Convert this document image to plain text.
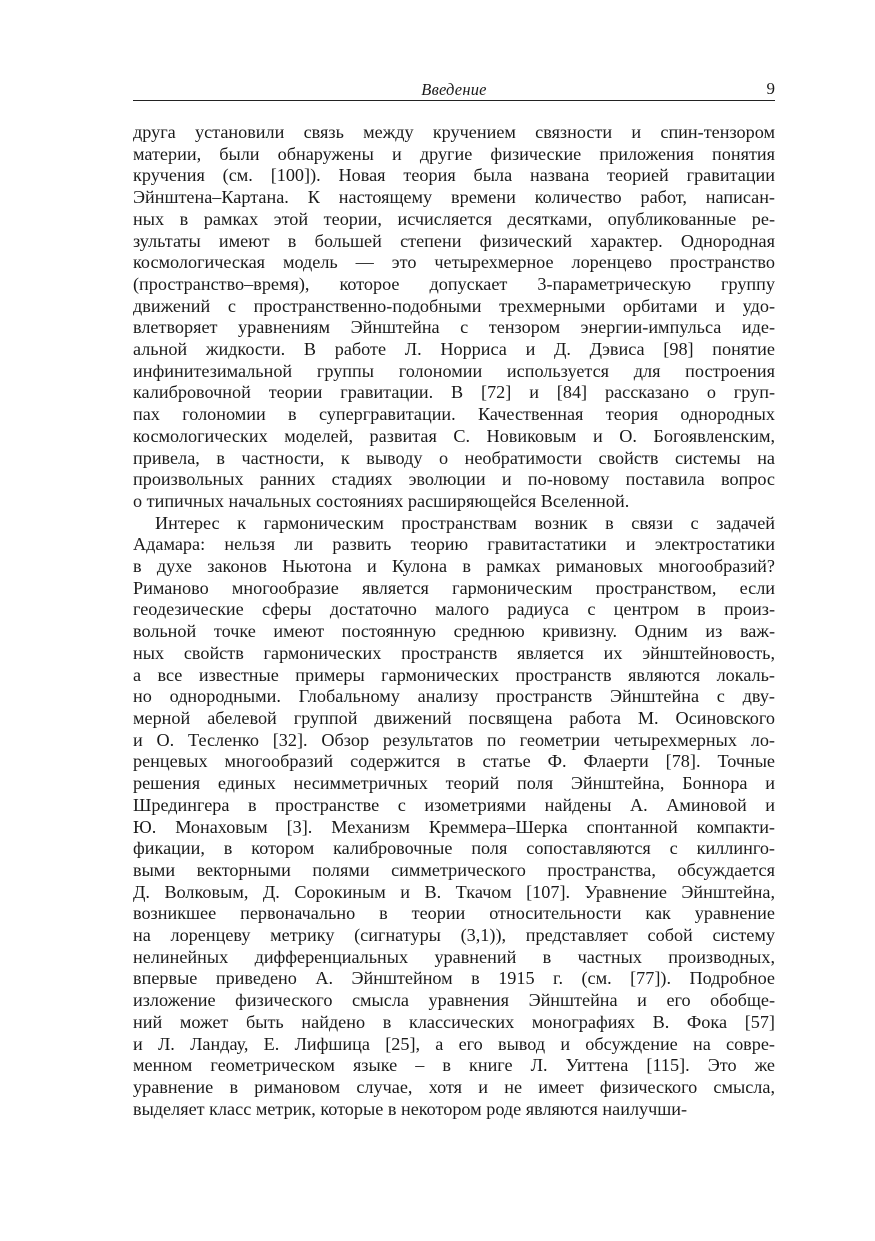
Введение	9
друга установили связь между кручением связности и спин-тензором
материи, были обнаружены и другие физические приложения понятия
кручения (см. [100]). Новая теория была названа теорией гравитации
Эйнштена–Картана. К настоящему времени количество работ, написан-
ных в рамках этой теории, исчисляется десятками, опубликованные ре-
зультаты имеют в большей степени физический характер. Однородная
космологическая модель — это четырехмерное лоренцево пространство
(пространство–время), которое допускает 3-параметрическую группу
движений с пространственно-подобными трехмерными орбитами и удо-
влетворяет уравнениям Эйнштейна с тензором энергии-импульса иде-
альной жидкости. В работе Л. Норриса и Д. Дэвиса [98] понятие
инфинитезимальной группы голономии используется для построения
калибровочной теории гравитации. В [72] и [84] рассказано о груп-
пах голономии в супергравитации. Качественная теория однородных
космологических моделей, развитая С. Новиковым и О. Богоявленским,
привела, в частности, к выводу о необратимости свойств системы на
произвольных ранних стадиях эволюции и по-новому поставила вопрос
о типичных начальных состояниях расширяющейся Вселенной.
Интерес к гармоническим пространствам возник в связи с задачей
Адамара: нельзя ли развить теорию гравитастатики и электростатики
в духе законов Ньютона и Кулона в рамках римановых многообразий?
Риманово многообразие является гармоническим пространством, если
геодезические сферы достаточно малого радиуса с центром в произ-
вольной точке имеют постоянную среднюю кривизну. Одним из важ-
ных свойств гармонических пространств является их эйнштейновость,
а все известные примеры гармонических пространств являются локаль-
но однородными. Глобальному анализу пространств Эйнштейна с дву-
мерной абелевой группой движений посвящена работа М. Осиновского
и О. Тесленко [32]. Обзор результатов по геометрии четырехмерных ло-
ренцевых многообразий содержится в статье Ф. Флаерти [78]. Точные
решения единых несимметричных теорий поля Эйнштейна, Боннора и
Шредингера в пространстве с изометриями найдены А. Аминовой и
Ю. Монаховым [3]. Механизм Креммера–Шерка спонтанной компакти-
фикации, в котором калибровочные поля сопоставляются с киллинго-
выми векторными полями симметрического пространства, обсуждается
Д. Волковым, Д. Сорокиным и В. Ткачом [107]. Уравнение Эйнштейна,
возникшее первоначально в теории относительности как уравнение
на лоренцеву метрику (сигнатуры (3,1)), представляет собой систему
нелинейных дифференциальных уравнений в частных производных,
впервые приведено А. Эйнштейном в 1915 г. (см. [77]). Подробное
изложение физического смысла уравнения Эйнштейна и его обобще-
ний может быть найдено в классических монографиях В. Фока [57]
и Л. Ландау, Е. Лифшица [25], а его вывод и обсуждение на совре-
менном геометрическом языке – в книге Л. Уиттена [115]. Это же
уравнение в римановом случае, хотя и не имеет физического смысла,
выделяет класс метрик, которые в некотором роде являются наилучши-
